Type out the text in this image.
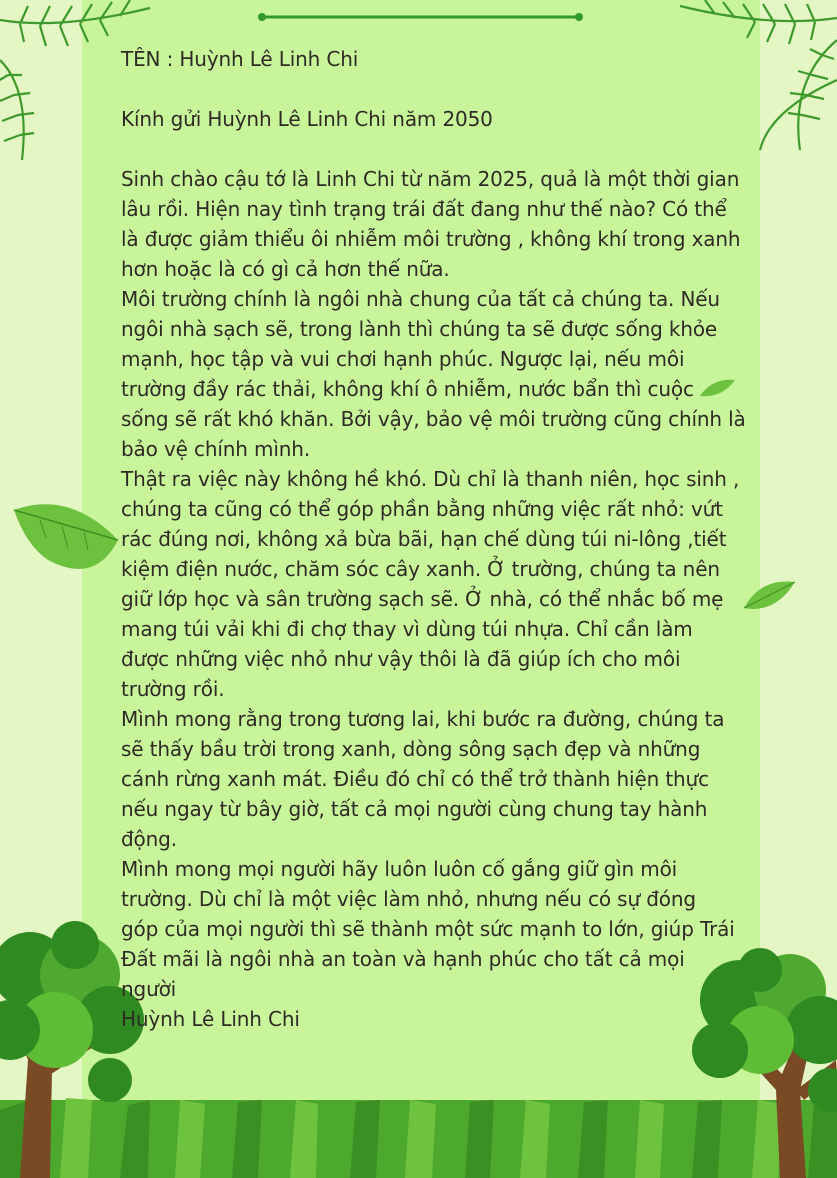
TÊN : Huỳnh Lê Linh Chi

Kính gửi Huỳnh Lê Linh Chi năm 2050

Sinh chào cậu tớ là Linh Chi từ năm 2025, quả là một thời gian

lâu rồi. Hiện nay tình trạng trái đất đang như thế nào? Có thể

là được giảm thiểu ôi nhiễm môi trường , không khí trong xanh

hơn hoặc là có gì cả hơn thế nữa.

Môi trường chính là ngôi nhà chung của tất cả chúng ta. Nếu

ngôi nhà sạch sẽ, trong lành thì chúng ta sẽ được sống khỏe

mạnh, học tập và vui chơi hạnh phúc. Ngược lại, nếu môi

trường đầy rác thải, không khí ô nhiễm, nước bẩn thì cuộc

sống sẽ rất khó khăn. Bởi vậy, bảo vệ môi trường cũng chính là

bảo vệ chính mình.

Thật ra việc này không hề khó. Dù chỉ là thanh niên, học sinh ,

chúng ta cũng có thể góp phần bằng những việc rất nhỏ: vứt

rác đúng nơi, không xả bừa bãi, hạn chế dùng túi ni-lông ,tiết

kiệm điện nước, chăm sóc cây xanh. Ở trường, chúng ta nên

giữ lớp học và sân trường sạch sẽ. Ở nhà, có thể nhắc bố mẹ

mang túi vải khi đi chợ thay vì dùng túi nhựa. Chỉ cần làm

được những việc nhỏ như vậy thôi là đã giúp ích cho môi

trường rồi.

Mình mong rằng trong tương lai, khi bước ra đường, chúng ta

sẽ thấy bầu trời trong xanh, dòng sông sạch đẹp và những

cánh rừng xanh mát. Điều đó chỉ có thể trở thành hiện thực

nếu ngay từ bây giờ, tất cả mọi người cùng chung tay hành

động.

Mình mong mọi người hãy luôn luôn cố gắng giữ gìn môi

trường. Dù chỉ là một việc làm nhỏ, nhưng nếu có sự đóng

góp của mọi người thì sẽ thành một sức mạnh to lớn, giúp Trái

Đất mãi là ngôi nhà an toàn và hạnh phúc cho tất cả mọi

người

Huỳnh Lê Linh Chi
